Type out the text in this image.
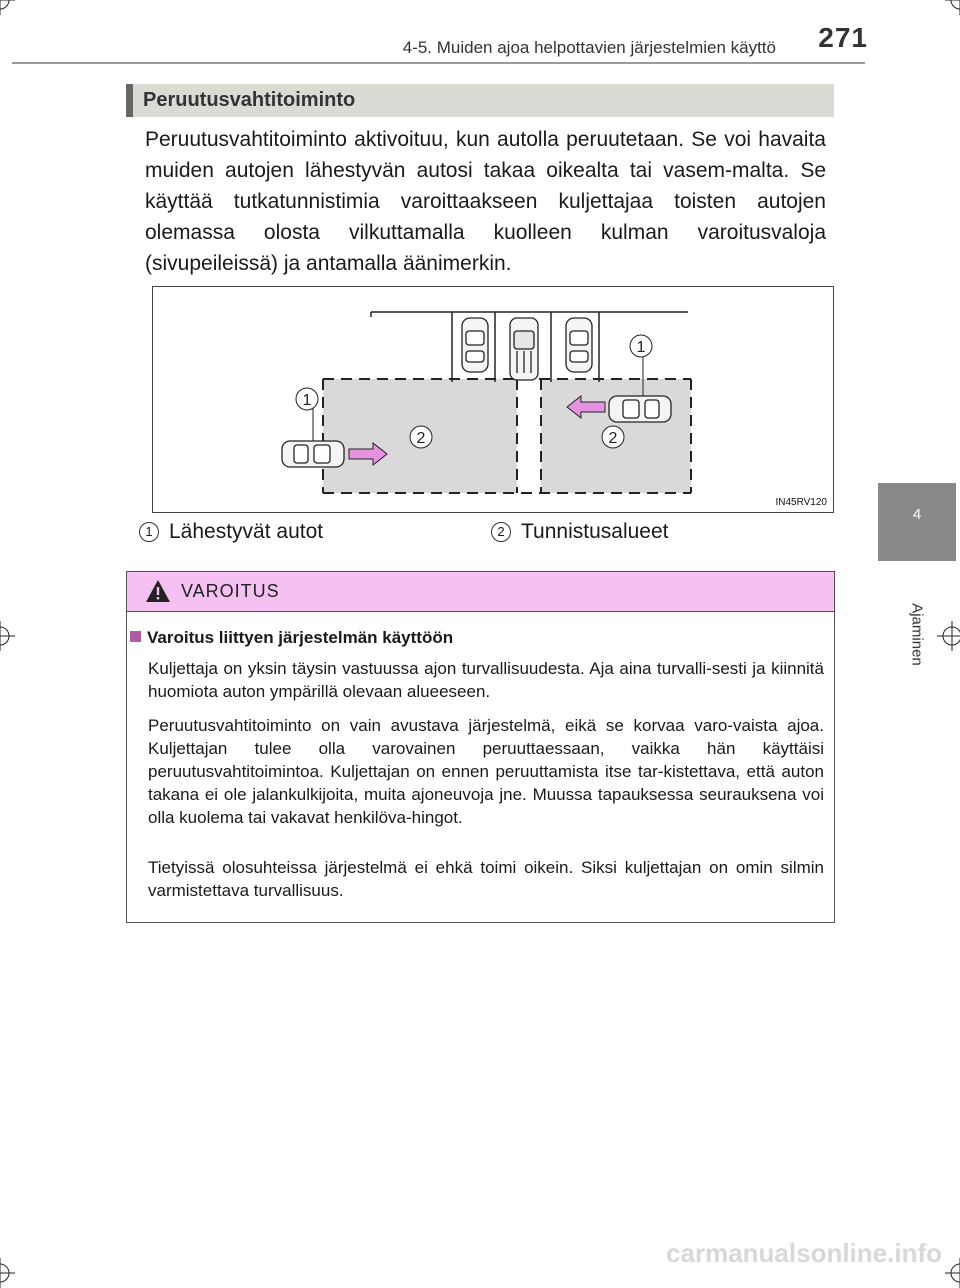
4-5. Muiden ajoa helpottavien järjestelmien käyttö	271
4
Ajaminen
Peruutusvahtitoiminto
Peruutusvahtitoiminto aktivoituu, kun autolla peruutetaan. Se voi havaita muiden autojen lähestyvän autosi takaa oikealta tai vasem-malta. Se käyttää tutkatunnistimia varoittaakseen kuljettajaa toisten autojen olemassa olosta vilkuttamalla kuolleen kulman varoitusvaloja (sivupeileissä) ja antamalla äänimerkin.
1
1
2	2
IN45RV120
1 Lähestyvät autot	2 Tunnistusalueet
VAROITUS
Varoitus liittyen järjestelmän käyttöön
Kuljettaja on yksin täysin vastuussa ajon turvallisuudesta. Aja aina turvalli-sesti ja kiinnitä huomiota auton ympärillä olevaan alueeseen.
Peruutusvahtitoiminto on vain avustava järjestelmä, eikä se korvaa varo-vaista ajoa. Kuljettajan tulee olla varovainen peruuttaessaan, vaikka hän käyttäisi peruutusvahtitoimintoa. Kuljettajan on ennen peruuttamista itse tar-kistettava, että auton takana ei ole jalankulkijoita, muita ajoneuvoja jne. Muussa tapauksessa seurauksena voi olla kuolema tai vakavat henkilöva-hingot.
Tietyissä olosuhteissa järjestelmä ei ehkä toimi oikein. Siksi kuljettajan on omin silmin varmistettava turvallisuus.
carmanualsonline.info
